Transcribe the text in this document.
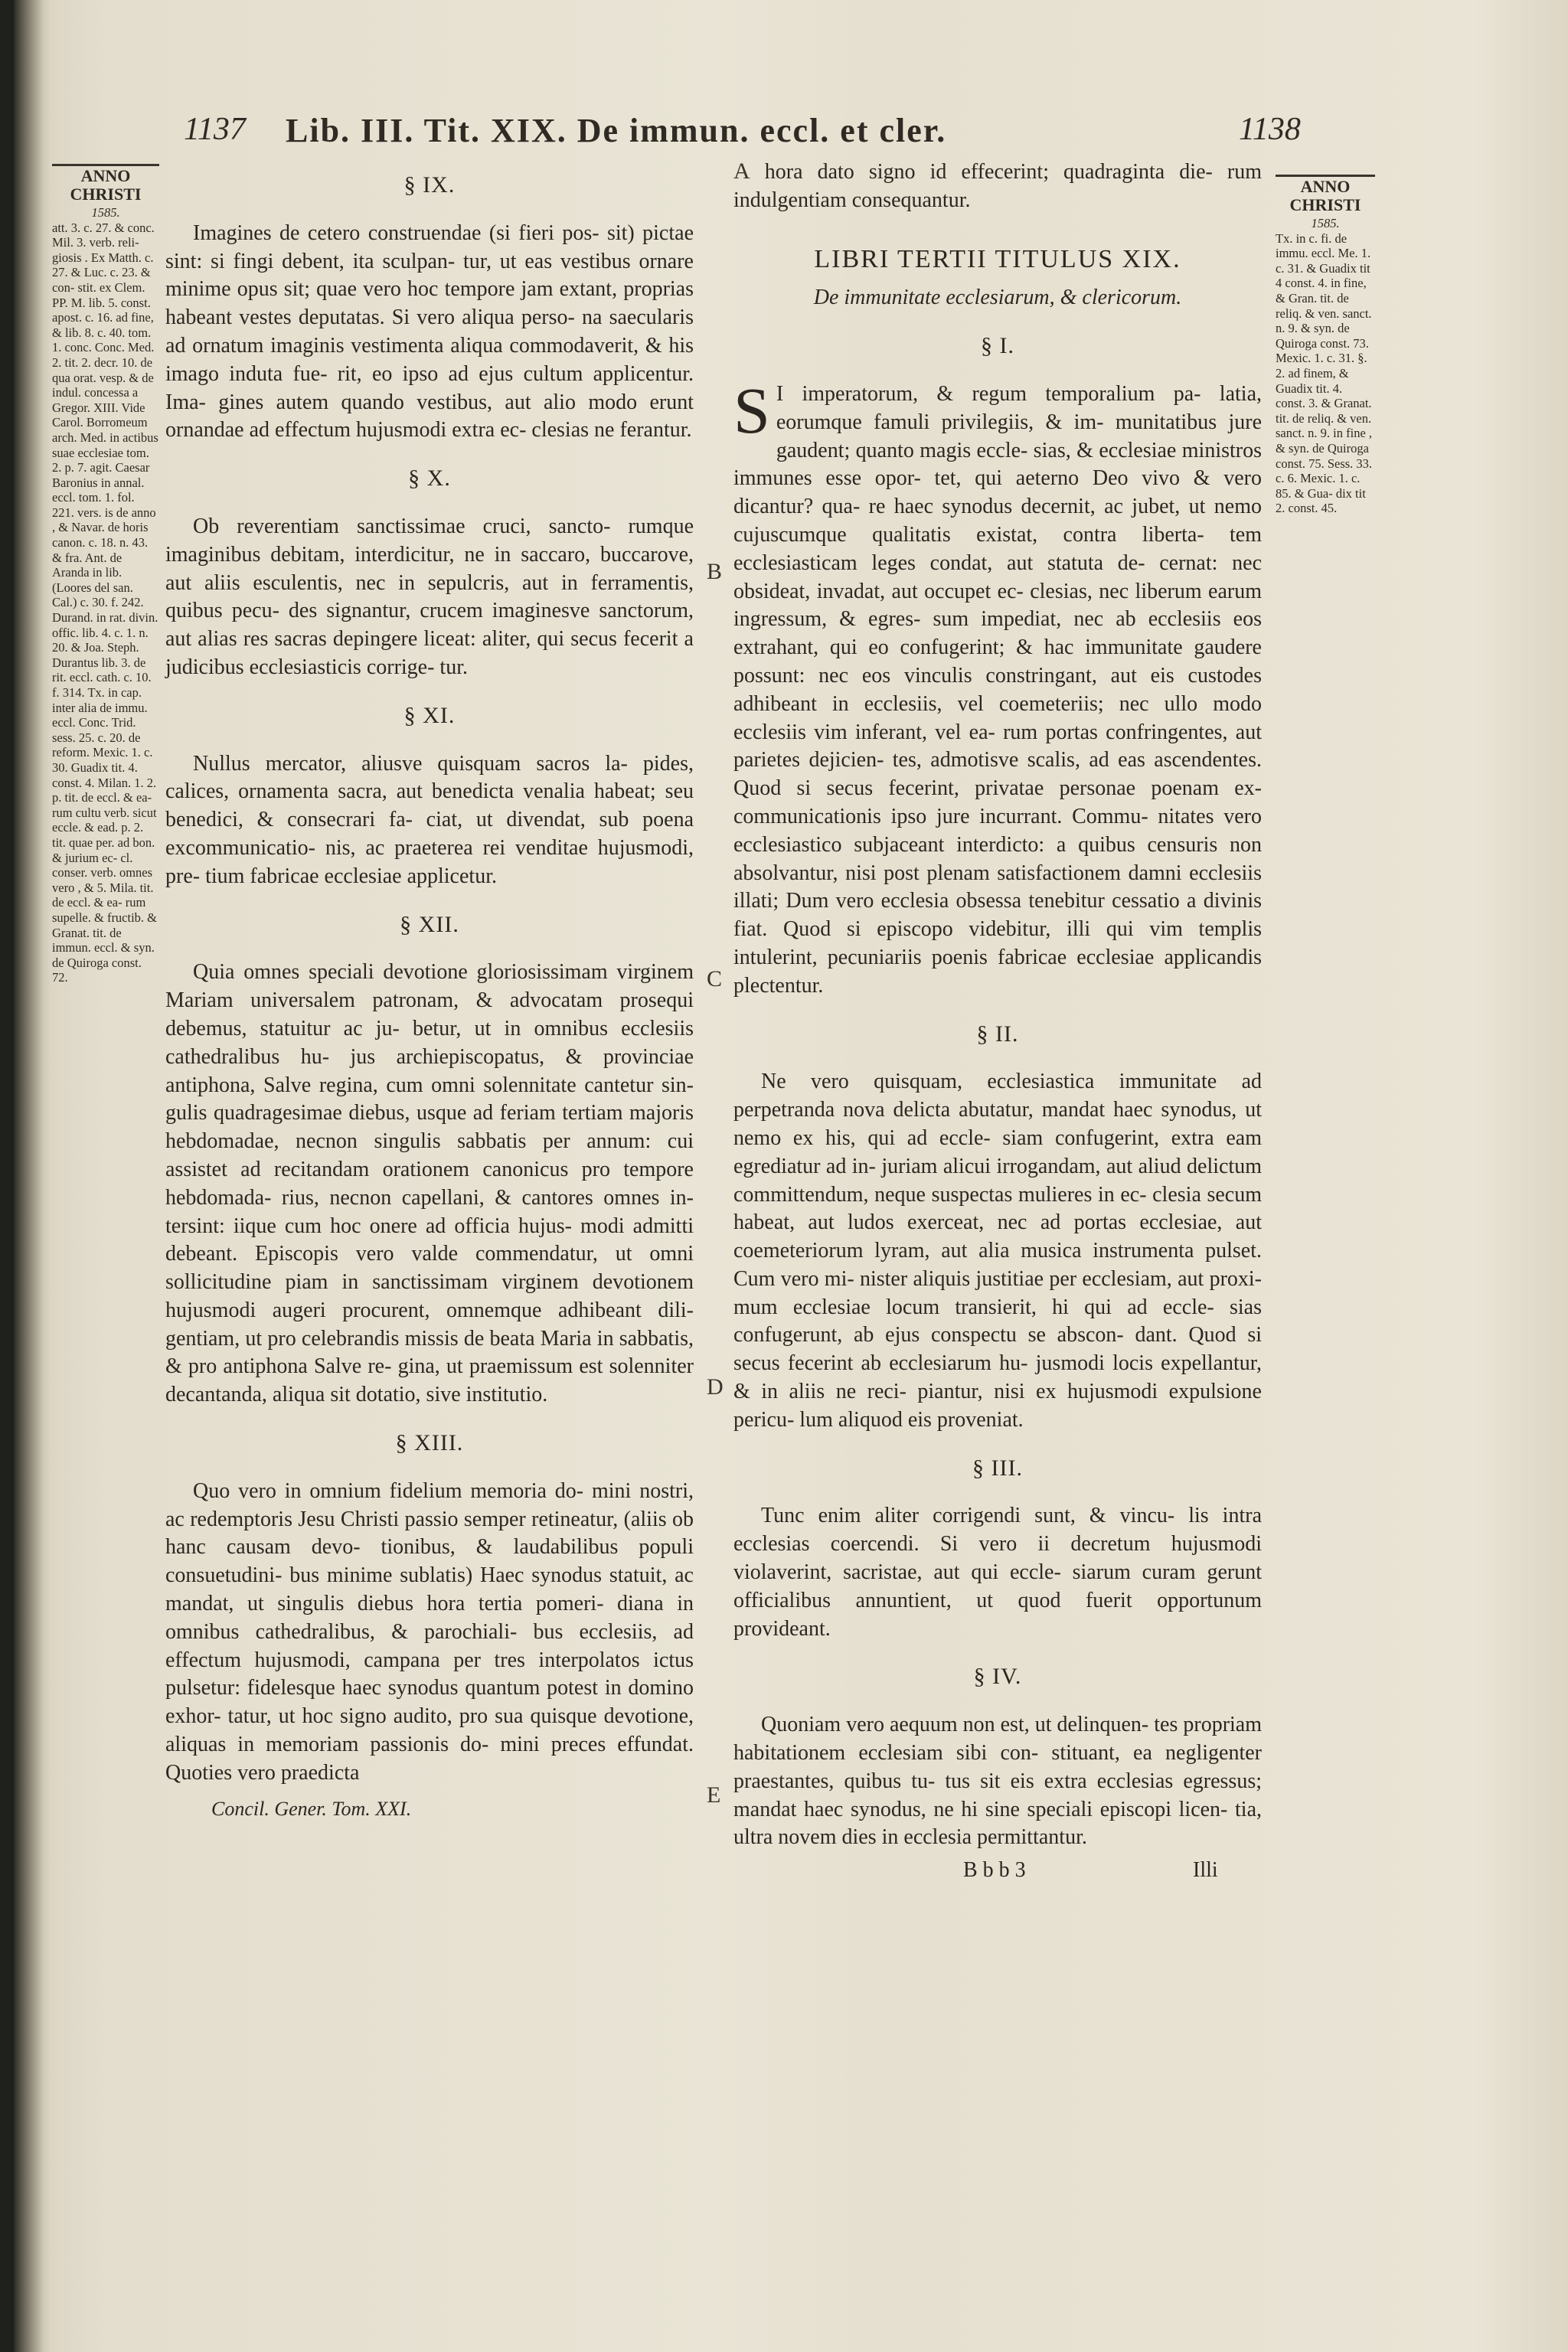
1137 Lib. III. Tit. XIX. De immun. eccl. et cler.	1138
ANNO CHRISTI
1585.
att. 3. c. 27. & conc. Mil. 3. verb. reli- giosis . Ex Matth. c. 27. & Luc. c. 23. & con- stit. ex Clem. PP. M. lib. 5. const. apost. c. 16. ad fine, & lib. 8. c. 40. tom. 1. conc. Conc. Med. 2. tit. 2. decr. 10. de qua orat. vesp. & de indul. concessa a Gregor. XIII. Vide Carol. Borromeum arch. Med. in actibus suae ecclesiae tom. 2. p. 7. agit. Caesar Baronius in annal. eccl. tom. 1. fol. 221. vers. is de anno , & Navar. de horis canon. c. 18. n. 43. & fra. Ant. de Aranda in lib. (Loores del san. Cal.) c. 30. f. 242. Durand. in rat. divin. offic. lib. 4. c. 1. n. 20. & Joa. Steph. Durantus lib. 3. de rit. eccl. cath. c. 10. f. 314. Tx. in cap. inter alia de immu. eccl. Conc. Trid. sess. 25. c. 20. de reform. Mexic. 1. c. 30. Guadix tit. 4. const. 4. Milan. 1. 2. p. tit. de eccl. & ea- rum cultu verb. sicut eccle. & ead. p. 2. tit. quae per. ad bon. & jurium ec- cl. conser. verb. omnes vero , & 5. Mila. tit. de eccl. & ea- rum supelle. & fructib. & Granat. tit. de immun. eccl. & syn. de Quiroga const. 72.
§ IX.

Imagines de cetero construendae (si fieri pos- sit) pictae sint: si fingi debent, ita sculpan- tur, ut eas vestibus ornare minime opus sit; quae vero hoc tempore jam extant, proprias habeant vestes deputatas. Si vero aliqua perso- na saecularis ad ornatum imaginis vestimenta aliqua commodaverit, & his imago induta fue- rit, eo ipso ad ejus cultum applicentur. Ima- gines autem quando vestibus, aut alio modo erunt ornandae ad effectum hujusmodi extra ec- clesias ne ferantur.

§ X.

Ob reverentiam sanctissimae cruci, sancto- rumque imaginibus debitam, interdicitur, ne in saccaro, buccarove, aut aliis esculentis, nec in sepulcris, aut in ferramentis, quibus pecu- des signantur, crucem imaginesve sanctorum, aut alias res sacras depingere liceat: aliter, qui secus fecerit a judicibus ecclesiasticis corrige- tur.

§ XI.

Nullus mercator, aliusve quisquam sacros la- pides, calices, ornamenta sacra, aut benedicta venalia habeat; seu benedici, & consecrari fa- ciat, ut divendat, sub poena excommunicatio- nis, ac praeterea rei venditae hujusmodi, pre- tium fabricae ecclesiae applicetur.

§ XII.

Quia omnes speciali devotione gloriosissimam virginem Mariam universalem patronam, & advocatam prosequi debemus, statuitur ac ju- betur, ut in omnibus ecclesiis cathedralibus hu- jus archiepiscopatus, & provinciae antiphona, Salve regina, cum omni solennitate cantetur sin- gulis quadragesimae diebus, usque ad feriam tertiam majoris hebdomadae, necnon singulis sabbatis per annum: cui assistet ad recitandam orationem canonicus pro tempore hebdomada- rius, necnon capellani, & cantores omnes in- tersint: iique cum hoc onere ad officia hujus- modi admitti debeant. Episcopis vero valde commendatur, ut omni sollicitudine piam in sanctissimam virginem devotionem hujusmodi augeri procurent, omnemque adhibeant dili- gentiam, ut pro celebrandis missis de beata Maria in sabbatis, & pro antiphona Salve re- gina, ut praemissum est solenniter decantanda, aliqua sit dotatio, sive institutio.

§ XIII.

Quo vero in omnium fidelium memoria do- mini nostri, ac redemptoris Jesu Christi passio semper retineatur, (aliis ob hanc causam devo- tionibus, & laudabilibus populi consuetudini- bus minime sublatis) Haec synodus statuit, ac mandat, ut singulis diebus hora tertia pomeri- diana in omnibus cathedralibus, & parochiali- bus ecclesiis, ad effectum hujusmodi, campana per tres interpolatos ictus pulsetur: fidelesque haec synodus quantum potest in domino exhor- tatur, ut hoc signo audito, pro sua quisque devotione, aliquas in memoriam passionis do- mini preces effundat. Quoties vero praedicta

Concil. Gener. Tom. XXI.
B
C
D
E

A hora dato signo id effecerint; quadraginta die- rum indulgentiam consequantur.

LIBRI TERTII TITULUS XIX.
De immunitate ecclesiarum, & clericorum.
§ I.

S I imperatorum, & regum temporalium pa- latia, eorumque famuli privilegiis, & im- munitatibus jure gaudent; quanto magis eccle- sias, & ecclesiae ministros immunes esse opor- tet, qui aeterno Deo vivo & vero dicantur? qua- re haec synodus decernit, ac jubet, ut nemo cujuscumque qualitatis existat, contra liberta- tem ecclesiasticam leges condat, aut statuta de- cernat: nec obsideat, invadat, aut occupet ec- clesias, nec liberum earum ingressum, & egres- sum impediat, nec ab ecclesiis eos extrahant, qui eo confugerint; & hac immunitate gaudere possunt: nec eos vinculis constringant, aut eis custodes adhibeant in ecclesiis, vel coemeteriis; nec ullo modo ecclesiis vim inferant, vel ea- rum portas confringentes, aut parietes dejicien- tes, admotisve scalis, ad eas ascendentes. Quod si secus fecerint, privatae personae poenam ex- communicationis ipso jure incurrant. Commu- nitates vero ecclesiastico subjaceant interdicto: a quibus censuris non absolvantur, nisi post plenam satisfactionem damni ecclesiis illati; Dum vero ecclesia obsessa tenebitur cessatio a divinis fiat. Quod si episcopo videbitur, illi qui vim templis intulerint, pecuniariis poenis fabricae ecclesiae applicandis plectentur.

§ II.

Ne vero quisquam, ecclesiastica immunitate ad perpetranda nova delicta abutatur, mandat haec synodus, ut nemo ex his, qui ad eccle- siam confugerint, extra eam egrediatur ad in- juriam alicui irrogandam, aut aliud delictum committendum, neque suspectas mulieres in ec- clesia secum habeat, aut ludos exerceat, nec ad portas ecclesiae, aut coemeteriorum lyram, aut alia musica instrumenta pulset. Cum vero mi- nister aliquis justitiae per ecclesiam, aut proxi- mum ecclesiae locum transierit, hi qui ad eccle- sias confugerunt, ab ejus conspectu se abscon- dant. Quod si secus fecerint ab ecclesiarum hu- jusmodi locis expellantur, & in aliis ne reci- piantur, nisi ex hujusmodi expulsione pericu- lum aliquod eis proveniat.

§ III.

Tunc enim aliter corrigendi sunt, & vincu- lis intra ecclesias coercendi. Si vero ii decretum hujusmodi violaverint, sacristae, aut qui eccle- siarum curam gerunt officialibus annuntient, ut quod fuerit opportunum provideant.

§ IV.

Quoniam vero aequum non est, ut delinquen- tes propriam habitationem ecclesiam sibi con- stituant, ea negligenter praestantes, quibus tu- tus sit eis extra ecclesias egressus; mandat haec synodus, ne hi sine speciali episcopi licen- tia, ultra novem dies in ecclesia permittantur.

B b b 3	Illi
ANNO CHRISTI
1585.
Tx. in c. fi. de immu. eccl. Me. 1. c. 31. & Guadix tit 4 const. 4. in fine, & Gran. tit. de reliq. & ven. sanct. n. 9. & syn. de Quiroga const. 73. Mexic. 1. c. 31. §. 2. ad finem, & Guadix tit. 4. const. 3. & Granat. tit. de reliq. & ven. sanct. n. 9. in fine , & syn. de Quiroga const. 75. Sess. 33. c. 6. Mexic. 1. c. 85. & Gua- dix tit 2. const. 45.
